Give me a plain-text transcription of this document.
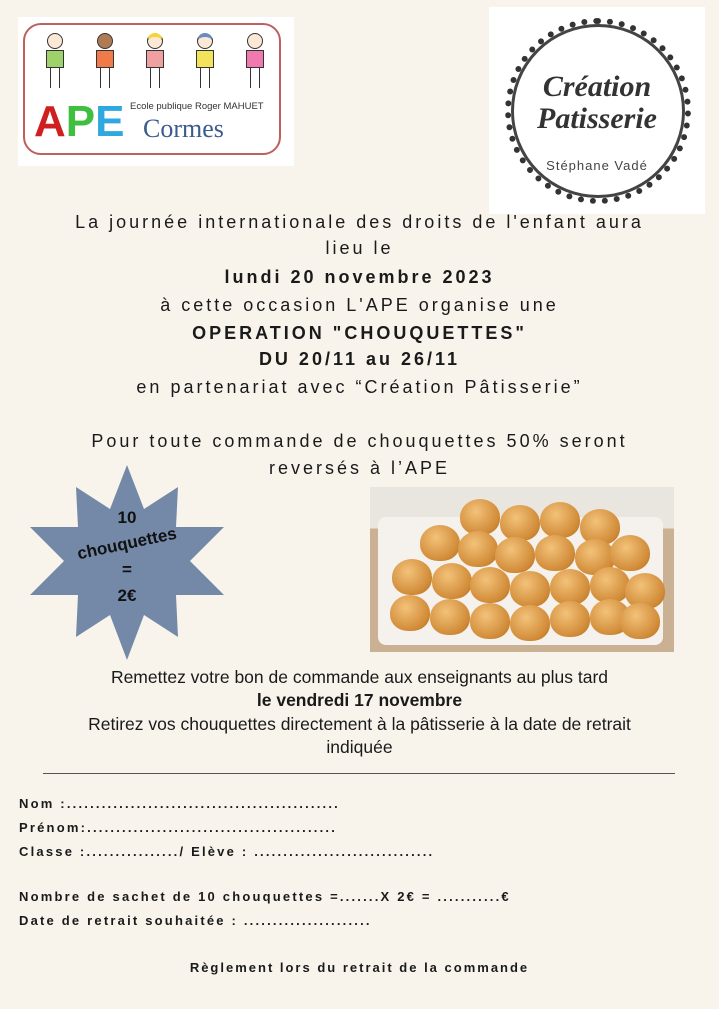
APE Ecole publique Roger MAHUET
Cormes
Création
Patisserie
Stéphane Vadé
La journée internationale des droits de l'enfant aura
lieu le
lundi 20 novembre 2023
à cette occasion L'APE organise une
OPERATION "CHOUQUETTES"
DU 20/11 au 26/11
en partenariat avec “Création Pâtisserie”
Pour toute commande de chouquettes 50% seront
reversés à l’APE
10
chouquettes
=
2€
Remettez votre bon de commande aux enseignants au plus tard
le vendredi 17 novembre
Retirez vos chouquettes directement à la pâtisserie à la date de retrait
indiquée
Nom :...............................................
Prénom:...........................................
Classe :................/ Elève : ...............................
Nombre de sachet de 10 chouquettes =.......X 2€ = ...........€
Date de retrait souhaitée : ......................
Règlement lors du retrait de la commande
